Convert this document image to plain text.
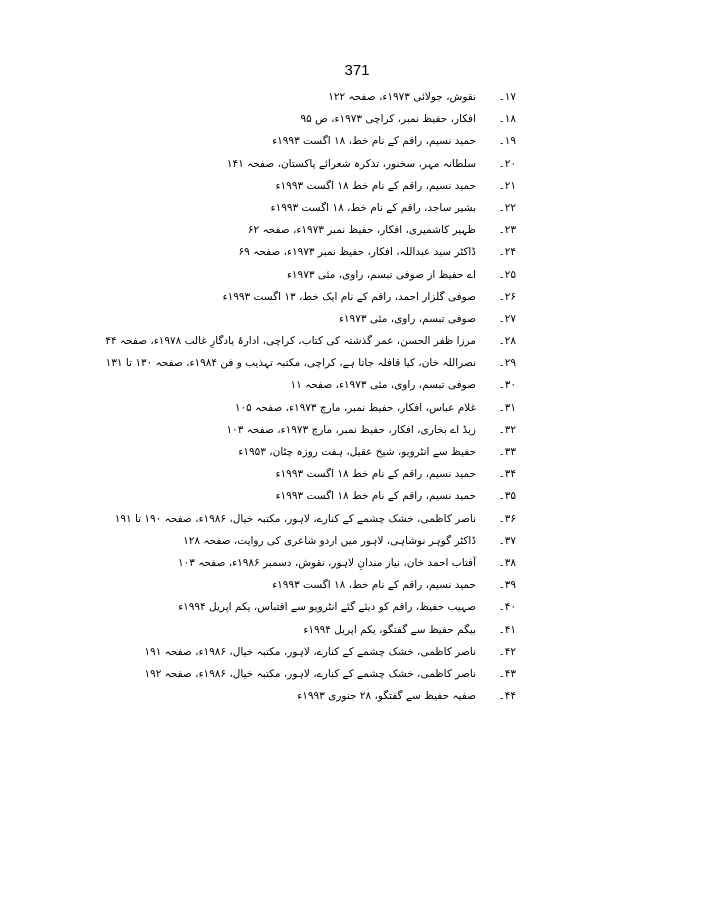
371
۱۷۔
نقوش، جولائی ۱۹۷۳ء، صفحہ ۱۲۲
۱۸۔
افکار، حفیظ نمبر، کراچی ۱۹۷۳ء، ص ۹۵
۱۹۔
حمید نسیم، راقم کے نام خط، ۱۸ اگست ۱۹۹۳ء
۲۰۔
سلطانہ مہر، سخنور، تذکرہ شعرائے پاکستان، صفحہ ۱۴۱
۲۱۔
حمید نسیم، راقم کے نام خط ۱۸ اگست ۱۹۹۳ء
۲۲۔
بشیر ساجد، راقم کے نام خط، ۱۸ اگست ۱۹۹۳ء
۲۳۔
ظہیر کاشمیری، افکار، حفیظ نمبر ۱۹۷۳ء، صفحہ ۶۲
۲۴۔
ڈاکٹر سید عبداللہ، افکار، حفیظ نمبر ۱۹۷۳ء، صفحہ ۶۹
۲۵۔
اے حفیظ از صوفی تبسم، راوی، مئی ۱۹۷۳ء
۲۶۔
صوفی گلزار احمد، راقم کے نام ایک خط، ۱۳ اگست ۱۹۹۳ء
۲۷۔
صوفی تبسم، راوی، مئی ۱۹۷۳ء
۲۸۔
مرزا ظفر الحسن، عمر گذشتہ کی کتاب، کراچی، ادارۂ یادگارِ غالب ۱۹۷۸ء، صفحہ ۴۴
۲۹۔
نصراللہ خان، کیا قافلہ جاتا ہے، کراچی، مکتبہ تہذیب و فن ۱۹۸۴ء، صفحہ ۱۳۰ تا ۱۳۱
۳۰۔
صوفی تبسم، راوی، مئی ۱۹۷۳ء، صفحہ ۱۱
۳۱۔
غلام عباس، افکار، حفیظ نمبر، مارچ ۱۹۷۳ء، صفحہ ۱۰۵
۳۲۔
زیڈ اے بخاری، افکار، حفیظ نمبر، مارچ ۱۹۷۳ء، صفحہ ۱۰۳
۳۳۔
حفیظ سے انٹرویو، شیخ عقیل، ہفت روزہ چٹان، ۱۹۵۳ء
۳۴۔
حمید نسیم، راقم کے نام خط ۱۸ اگست ۱۹۹۳ء
۳۵۔
حمید نسیم، راقم کے نام خط ۱۸ اگست ۱۹۹۳ء
۳۶۔
ناصر کاظمی، خشک چشمے کے کنارے، لاہور، مکتبہ خیال، ۱۹۸۶ء، صفحہ ۱۹۰ تا ۱۹۱
۳۷۔
ڈاکٹر گوہر نوشاہی، لاہور میں اردو شاعری کی روایت، صفحہ ۱۲۸
۳۸۔
آفتاب احمد خان، نیاز مندانِ لاہور، نقوش، دسمبر ۱۹۸۶ء، صفحہ ۱۰۳
۳۹۔
حمید نسیم، راقم کے نام خط، ۱۸ اگست ۱۹۹۳ء
۴۰۔
صہیب حفیظ، راقم کو دیئے گئے انٹرویو سے اقتباس، یکم اپریل ۱۹۹۴ء
۴۱۔
بیگم حفیظ سے گفتگو، یکم اپریل ۱۹۹۴ء
۴۲۔
ناصر کاظمی، خشک چشمے کے کنارے، لاہور، مکتبہ خیال، ۱۹۸۶ء، صفحہ ۱۹۱
۴۳۔
ناصر کاظمی، خشک چشمے کے کنارے، لاہور، مکتبہ خیال، ۱۹۸۶ء، صفحہ ۱۹۲
۴۴۔
صفیہ حفیظ سے گفتگو، ۲۸ جنوری ۱۹۹۳ء
